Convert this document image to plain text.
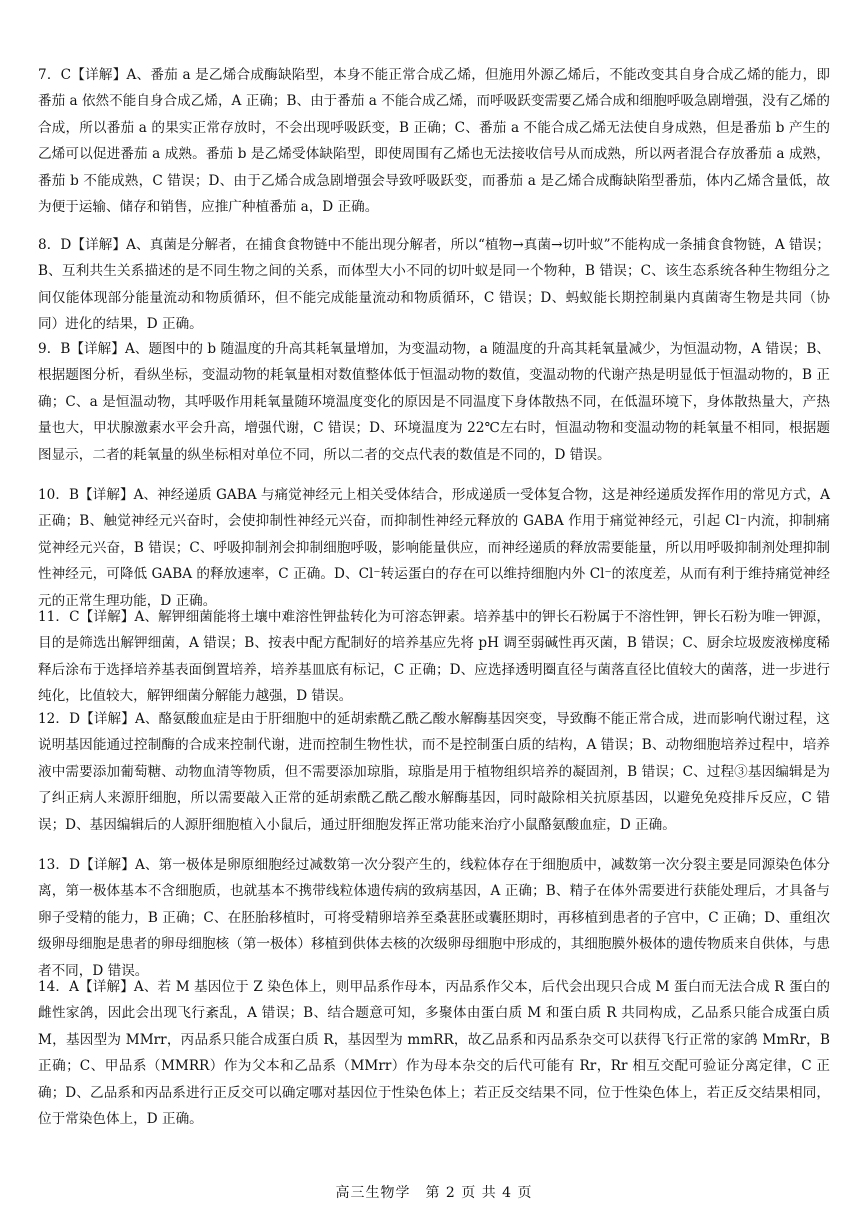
7．C【详解】A、番茄 a 是乙烯合成酶缺陷型，本身不能正常合成乙烯，但施用外源乙烯后，不能改变其自身合成乙烯的能力，即番茄 a 依然不能自身合成乙烯，A 正确；B、由于番茄 a 不能合成乙烯，而呼吸跃变需要乙烯合成和细胞呼吸急剧增强，没有乙烯的合成，所以番茄 a 的果实正常存放时，不会出现呼吸跃变，B 正确；C、番茄 a 不能合成乙烯无法使自身成熟，但是番茄 b 产生的乙烯可以促进番茄 a 成熟。番茄 b 是乙烯受体缺陷型，即使周围有乙烯也无法接收信号从而成熟，所以两者混合存放番茄 a 成熟，番茄 b 不能成熟，C 错误；D、由于乙烯合成急剧增强会导致呼吸跃变，而番茄 a 是乙烯合成酶缺陷型番茄，体内乙烯含量低，故为便于运输、储存和销售，应推广种植番茄 a，D 正确。
8．D【详解】A、真菌是分解者，在捕食食物链中不能出现分解者，所以“植物→真菌→切叶蚁”不能构成一条捕食食物链，A 错误；B、互利共生关系描述的是不同生物之间的关系，而体型大小不同的切叶蚁是同一个物种，B 错误；C、该生态系统各种生物组分之间仅能体现部分能量流动和物质循环，但不能完成能量流动和物质循环，C 错误；D、蚂蚁能长期控制巢内真菌寄生物是共同（协同）进化的结果，D 正确。
9．B【详解】A、题图中的 b 随温度的升高其耗氧量增加，为变温动物，a 随温度的升高其耗氧量减少，为恒温动物，A 错误；B、根据题图分析，看纵坐标，变温动物的耗氧量相对数值整体低于恒温动物的数值，变温动物的代谢产热是明显低于恒温动物的，B 正确；C、a 是恒温动物，其呼吸作用耗氧量随环境温度变化的原因是不同温度下身体散热不同，在低温环境下，身体散热量大，产热量也大，甲状腺激素水平会升高，增强代谢，C 错误；D、环境温度为 22℃左右时，恒温动物和变温动物的耗氧量不相同，根据题图显示，二者的耗氧量的纵坐标相对单位不同，所以二者的交点代表的数值是不同的，D 错误。
10．B【详解】A、神经递质 GABA 与痛觉神经元上相关受体结合，形成递质一受体复合物，这是神经递质发挥作用的常见方式，A 正确；B、触觉神经元兴奋时，会使抑制性神经元兴奋，而抑制性神经元释放的 GABA 作用于痛觉神经元，引起 Cl⁻内流，抑制痛觉神经元兴奋，B 错误；C、呼吸抑制剂会抑制细胞呼吸，影响能量供应，而神经递质的释放需要能量，所以用呼吸抑制剂处理抑制性神经元，可降低 GABA 的释放速率，C 正确。D、Cl⁻转运蛋白的存在可以维持细胞内外 Cl⁻的浓度差，从而有利于维持痛觉神经元的正常生理功能，D 正确。
11．C【详解】A、解钾细菌能将土壤中难溶性钾盐转化为可溶态钾素。培养基中的钾长石粉属于不溶性钾，钾长石粉为唯一钾源，目的是筛选出解钾细菌，A 错误；B、按表中配方配制好的培养基应先将 pH 调至弱碱性再灭菌，B 错误；C、厨余垃圾废液梯度稀释后涂布于选择培养基表面倒置培养，培养基皿底有标记，C 正确；D、应选择透明圈直径与菌落直径比值较大的菌落，进一步进行纯化，比值较大，解钾细菌分解能力越强，D 错误。
12．D【详解】A、酪氨酸血症是由于肝细胞中的延胡索酰乙酰乙酸水解酶基因突变，导致酶不能正常合成，进而影响代谢过程，这说明基因能通过控制酶的合成来控制代谢，进而控制生物性状，而不是控制蛋白质的结构，A 错误；B、动物细胞培养过程中，培养液中需要添加葡萄糖、动物血清等物质，但不需要添加琼脂，琼脂是用于植物组织培养的凝固剂，B 错误；C、过程③基因编辑是为了纠正病人来源肝细胞，所以需要敲入正常的延胡索酰乙酰乙酸水解酶基因，同时敲除相关抗原基因，以避免免疫排斥反应，C 错误；D、基因编辑后的人源肝细胞植入小鼠后，通过肝细胞发挥正常功能来治疗小鼠酪氨酸血症，D 正确。
13．D【详解】A、第一极体是卵原细胞经过减数第一次分裂产生的，线粒体存在于细胞质中，减数第一次分裂主要是同源染色体分离，第一极体基本不含细胞质，也就基本不携带线粒体遗传病的致病基因，A 正确；B、精子在体外需要进行获能处理后，才具备与卵子受精的能力，B 正确；C、在胚胎移植时，可将受精卵培养至桑葚胚或囊胚期时，再移植到患者的子宫中，C 正确；D、重组次级卵母细胞是患者的卵母细胞核（第一极体）移植到供体去核的次级卵母细胞中形成的，其细胞膜外极体的遗传物质来自供体，与患者不同，D 错误。
14．A【详解】A、若 M 基因位于 Z 染色体上，则甲品系作母本，丙品系作父本，后代会出现只合成 M 蛋白而无法合成 R 蛋白的雌性家鸽，因此会出现飞行紊乱，A 错误；B、结合题意可知，多聚体由蛋白质 M 和蛋白质 R 共同构成，乙品系只能合成蛋白质 M，基因型为 MMrr，丙品系只能合成蛋白质 R，基因型为 mmRR，故乙品系和丙品系杂交可以获得飞行正常的家鸽 MmRr，B 正确；C、甲品系（MMRR）作为父本和乙品系（MMrr）作为母本杂交的后代可能有 Rr，Rr 相互交配可验证分离定律，C 正确；D、乙品系和丙品系进行正反交可以确定哪对基因位于性染色体上；若正反交结果不同，位于性染色体上，若正反交结果相同，位于常染色体上，D 正确。
高三生物学　第 2 页 共 4 页
